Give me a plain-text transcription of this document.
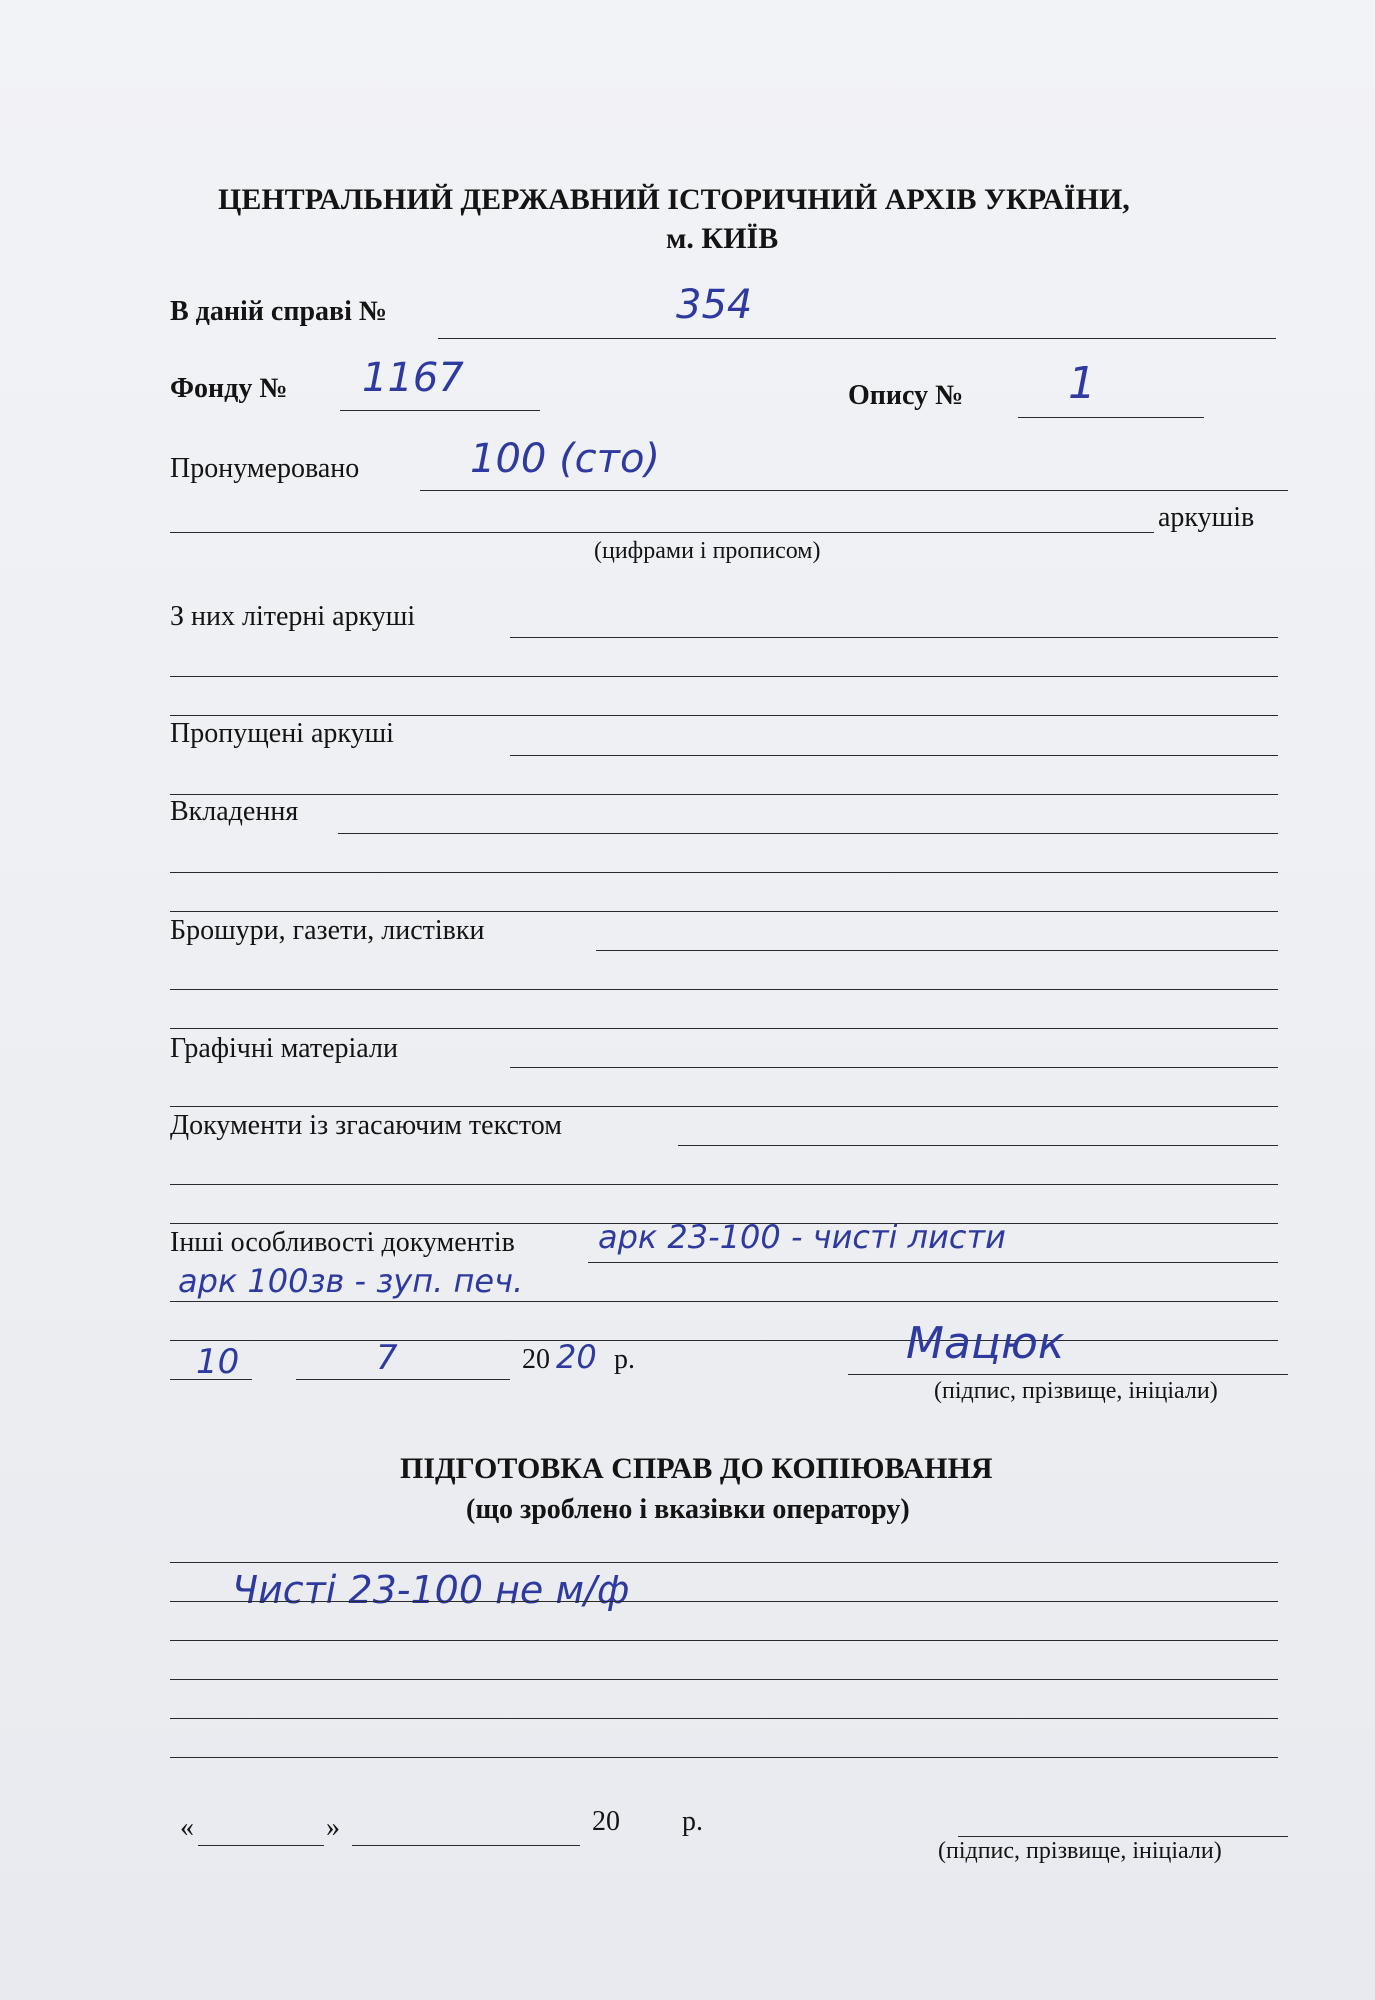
ЦЕНТРАЛЬНИЙ ДЕРЖАВНИЙ ІСТОРИЧНИЙ АРХІВ УКРАЇНИ,
м. КИЇВ
В даній справі №	354
Фонду № 1167	Опису № 1
Пронумеровано	100 (сто)
аркушів
(цифрами і прописом)
З них літерні аркуші
Пропущені аркуші
Вкладення
Брошури, газети, листівки
Графічні матеріали
Документи із згасаючим текстом
Інші особливості документів	арк 23-100 - чисті листи
арк 100зв - зуп. печ.
10	7	20 20 р.	Мацюк
(підпис, прізвище, ініціали)
ПІДГОТОВКА СПРАВ ДО КОПІЮВАННЯ
(що зроблено і вказівки оператору)
Чисті 23-100 не м/ф
«	»	20 р.
(підпис, прізвище, ініціали)
